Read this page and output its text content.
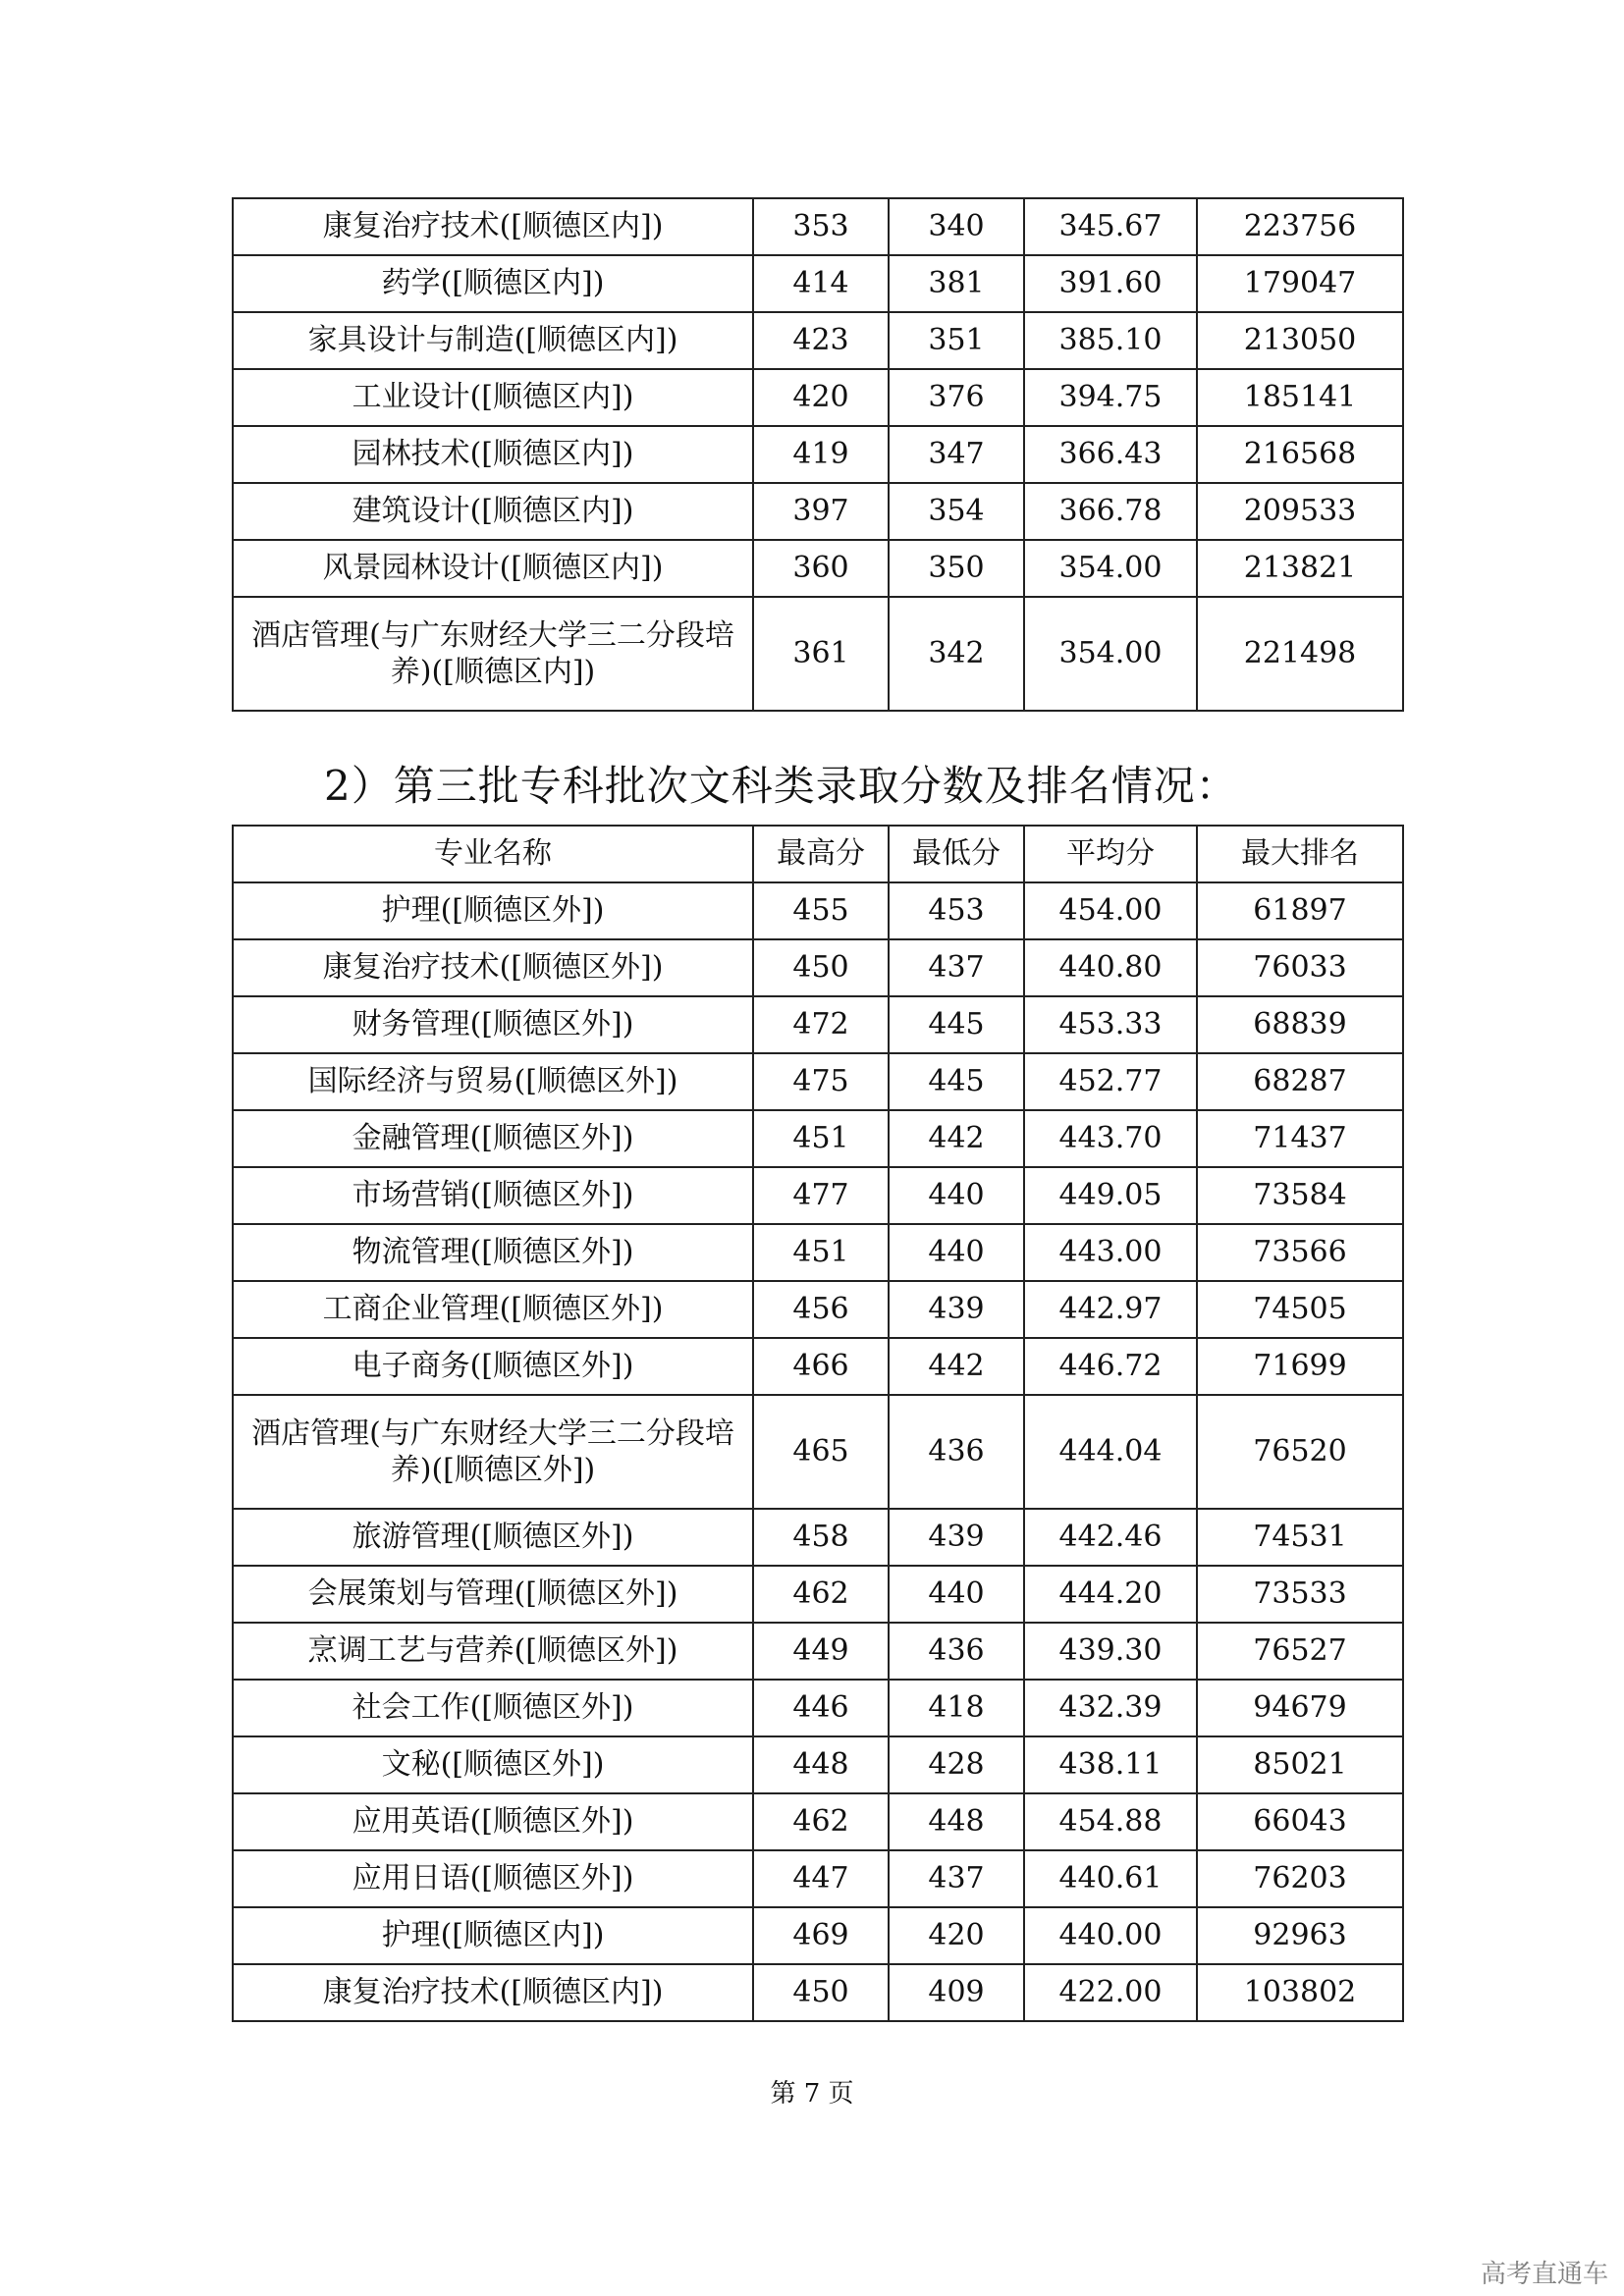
康复治疗技术([顺德区内])	353	340	345.67	223756
药学([顺德区内])	414	381	391.60	179047
家具设计与制造([顺德区内])	423	351	385.10	213050
工业设计([顺德区内])	420	376	394.75	185141
园林技术([顺德区内])	419	347	366.43	216568
建筑设计([顺德区内])	397	354	366.78	209533
风景园林设计([顺德区内])	360	350	354.00	213821
酒店管理(与广东财经大学三二分段培养)([顺德区内])	361	342	354.00	221498
2）第三批专科批次文科类录取分数及排名情况：
专业名称	最高分	最低分	平均分	最大排名
护理([顺德区外])	455	453	454.00	61897
康复治疗技术([顺德区外])	450	437	440.80	76033
财务管理([顺德区外])	472	445	453.33	68839
国际经济与贸易([顺德区外])	475	445	452.77	68287
金融管理([顺德区外])	451	442	443.70	71437
市场营销([顺德区外])	477	440	449.05	73584
物流管理([顺德区外])	451	440	443.00	73566
工商企业管理([顺德区外])	456	439	442.97	74505
电子商务([顺德区外])	466	442	446.72	71699
酒店管理(与广东财经大学三二分段培养)([顺德区外])	465	436	444.04	76520
旅游管理([顺德区外])	458	439	442.46	74531
会展策划与管理([顺德区外])	462	440	444.20	73533
烹调工艺与营养([顺德区外])	449	436	439.30	76527
社会工作([顺德区外])	446	418	432.39	94679
文秘([顺德区外])	448	428	438.11	85021
应用英语([顺德区外])	462	448	454.88	66043
应用日语([顺德区外])	447	437	440.61	76203
护理([顺德区内])	469	420	440.00	92963
康复治疗技术([顺德区内])	450	409	422.00	103802
第 7 页
高考直通车
